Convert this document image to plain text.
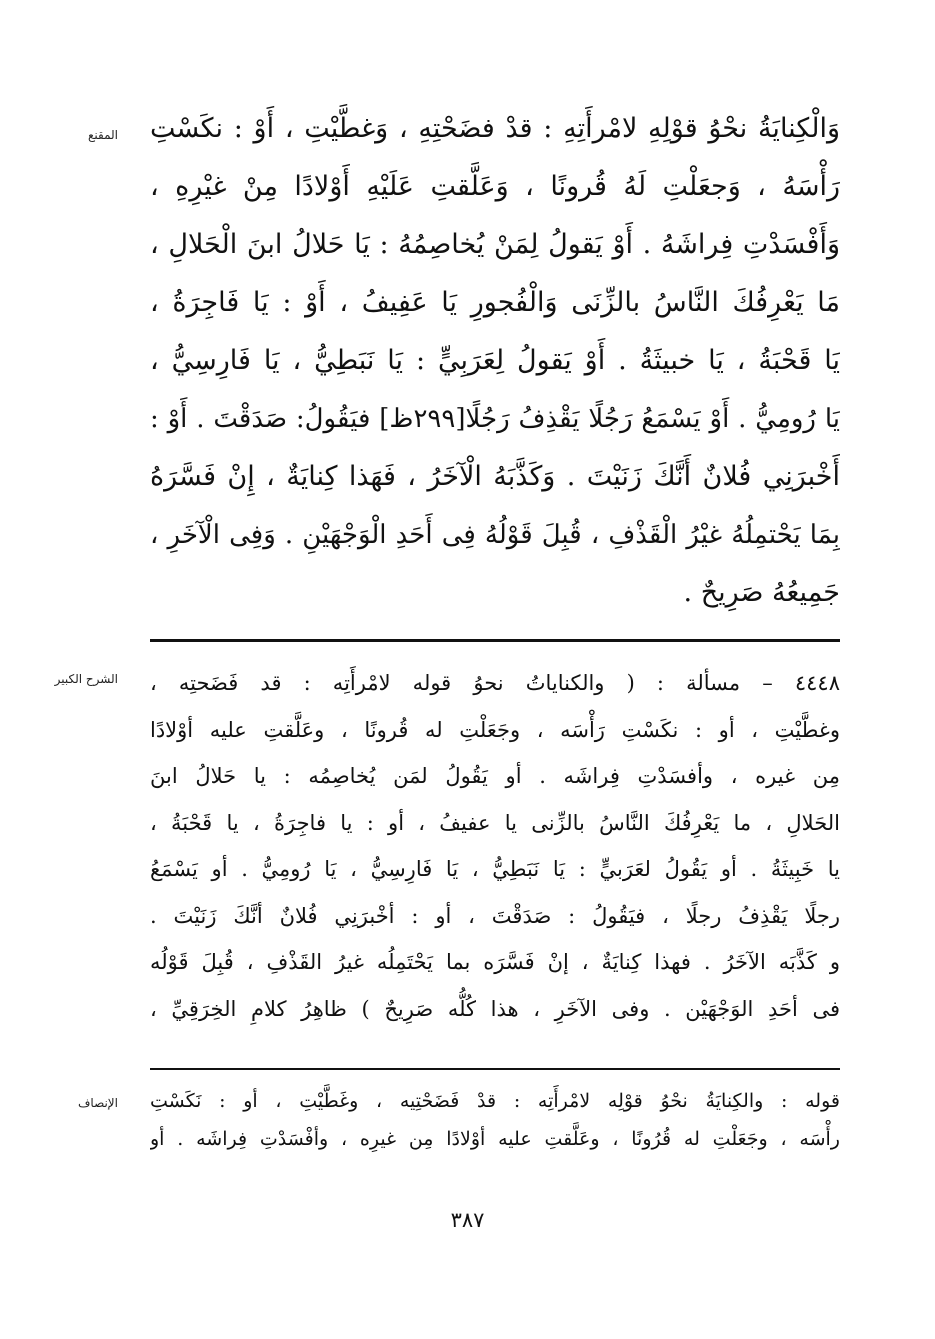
المقنع
الشرح الكبير
الإنصاف
وَالْكِنايَةُ نحْوُ قوْلِهِ لامْرأَتِهِ : قدْ فضَحْتِهِ ، وَغطَّيْتِ ، أَوْ : نكَسْتِ
رَأْسَهُ ، وَجعَلْتِ لَهُ قُرونًا ، وَعَلَّقتِ عَلَيْهِ أَوْلادًا مِنْ غيْرِهِ ،
وَأَفْسَدْتِ فِراشَهُ . أَوْ يَقولُ لِمَنْ يُخاصِمُهُ : يَا حَلالُ ابنَ الْحَلالِ ،
مَا يَعْرِفُكَ النَّاسُ بالزِّنَى وَالْفُجورِ يَا عَفِيفُ ، أَوْ : يَا فَاجِرَةُ ،
يَا قَحْبَةُ ، يَا خبيثَةُ . أَوْ يَقولُ لِعَرَبِيٍّ : يَا نَبَطِيُّ ، يَا فَارِسِيُّ ،
يَا رُومِيُّ . أَوْ يَسْمَعُ رَجُلًا يَقْذِفُ رَجُلًا[٢٩٩ظ] فيَقُولُ: صَدَقْتَ . أَوْ :
أَخْبرَنِي فُلانٌ أَنَّكَ زَنَيْتَ . وَكَذَّبَهُ الْآخَرُ ، فَهَذا كِنايَةٌ ، إِنْ فَسَّرَهُ
بِمَا يَحْتمِلُهُ غيْرُ الْقَذْفِ ، قُبِلَ قَوْلُهُ فِى أَحَدِ الْوَجْهَيْنِ . وَفِى الْآخَرِ ،
جَمِيعُهُ صَرِيحٌ .
٤٤٤٨ – مسألة : ( والكناياتُ نحوُ قوله لامْرأَتِه : قد فَضَحتِه ،
وغطَّيْتِ ، أو : نكَسْتِ رَأْسَه ، وجَعَلْتِ له قُرونًا ، وعَلَّقتِ عليه أوْلادًا
مِن غيره ، وأفسَدْتِ فِراشَه . أو يَقُولُ لمَن يُخاصِمُه : يا حَلالُ ابنَ
الحَلالِ ، ما يَعْرِفُكَ النَّاسُ بالزِّنى يا عفيفُ ، أو : يا فاجِرَةُ ، يا قَحْبَةُ ،
يا خَبِيثَةُ . أو يَقُولُ لعَرَبيٍّ : يَا نَبَطِيُّ ، يَا فَارِسِيُّ ، يَا رُومِيُّ . أو يَسْمَعُ
رجلًا يَقْذِفُ رجلًا ، فيَقُولُ : صَدَقْتَ ، أو : أخْبرَنِي فُلانٌ أنَّكَ زَنَيْتَ .
و كَذَّبَه الآخَرُ . فهذا كِنايَةٌ ، إنْ فَسَّرَه بما يَحْتَمِلُه غيرُ القَذْفِ ، قُبِلَ قَوْلُه
فى أحَدِ الوَجْهَيْن . وفى الآخَرِ ، هذا كُلُّه صَرِيحٌ ) ظاهِرُ كلامِ الخِرَقِيِّ ،
قوله : والكِنايَةُ نحْوُ قوْلِه لامْرأَتِه : قدْ فَضَحْتِيه ، وغَطَّيْتِ ، أو : نَكَسْتِ
رأْسَه ، وجَعَلْتِ له قُرُونًا ، وعَلَّقتِ عليه أوْلادًا مِن غيرِه ، وأفْسَدْتِ فِراشَه . أو
٣٨٧
